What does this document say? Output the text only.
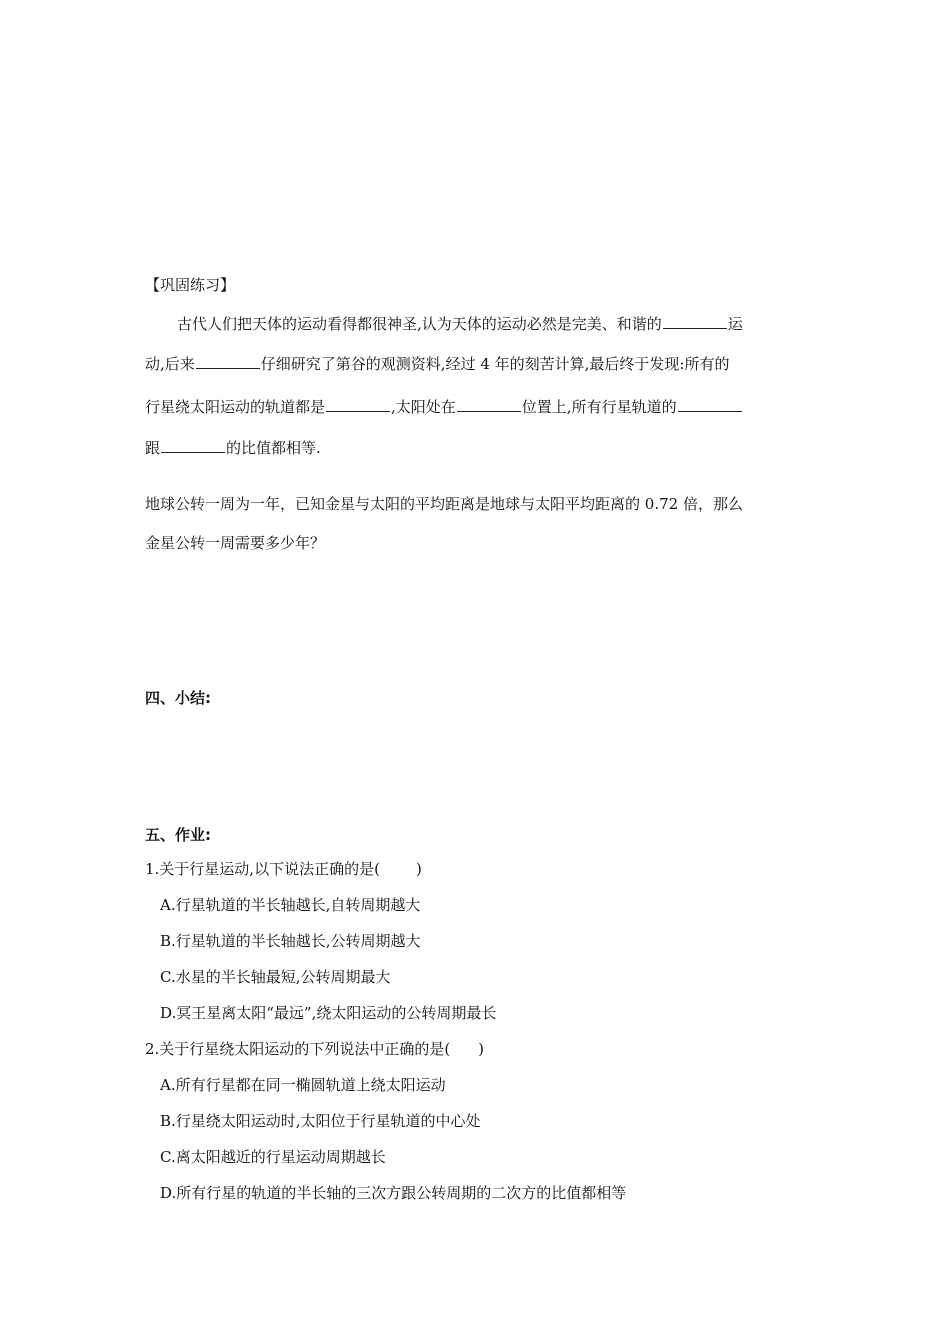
【巩固练习】
古代人们把天体的运动看得都很神圣,认为天体的运动必然是完美、和谐的	运
动,后来	仔细研究了第谷的观测资料,经过 4 年的刻苦计算,最后终于发现:所有的
行星绕太阳运动的轨道都是	,太阳处在	位置上,所有行星轨道的
跟	的比值都相等.
地球公转一周为一年，已知金星与太阳的平均距离是地球与太阳平均距离的 0.72 倍，那么
金星公转一周需要多少年？
四、小结:
五、作业:
1.关于行星运动,以下说法正确的是( )
A.行星轨道的半长轴越长,自转周期越大
B.行星轨道的半长轴越长,公转周期越大
C.水星的半长轴最短,公转周期最大
D.冥王星离太阳“最远”,绕太阳运动的公转周期最长
2.关于行星绕太阳运动的下列说法中正确的是( )
A.所有行星都在同一椭圆轨道上绕太阳运动
B.行星绕太阳运动时,太阳位于行星轨道的中心处
C.离太阳越近的行星运动周期越长
D.所有行星的轨道的半长轴的三次方跟公转周期的二次方的比值都相等
